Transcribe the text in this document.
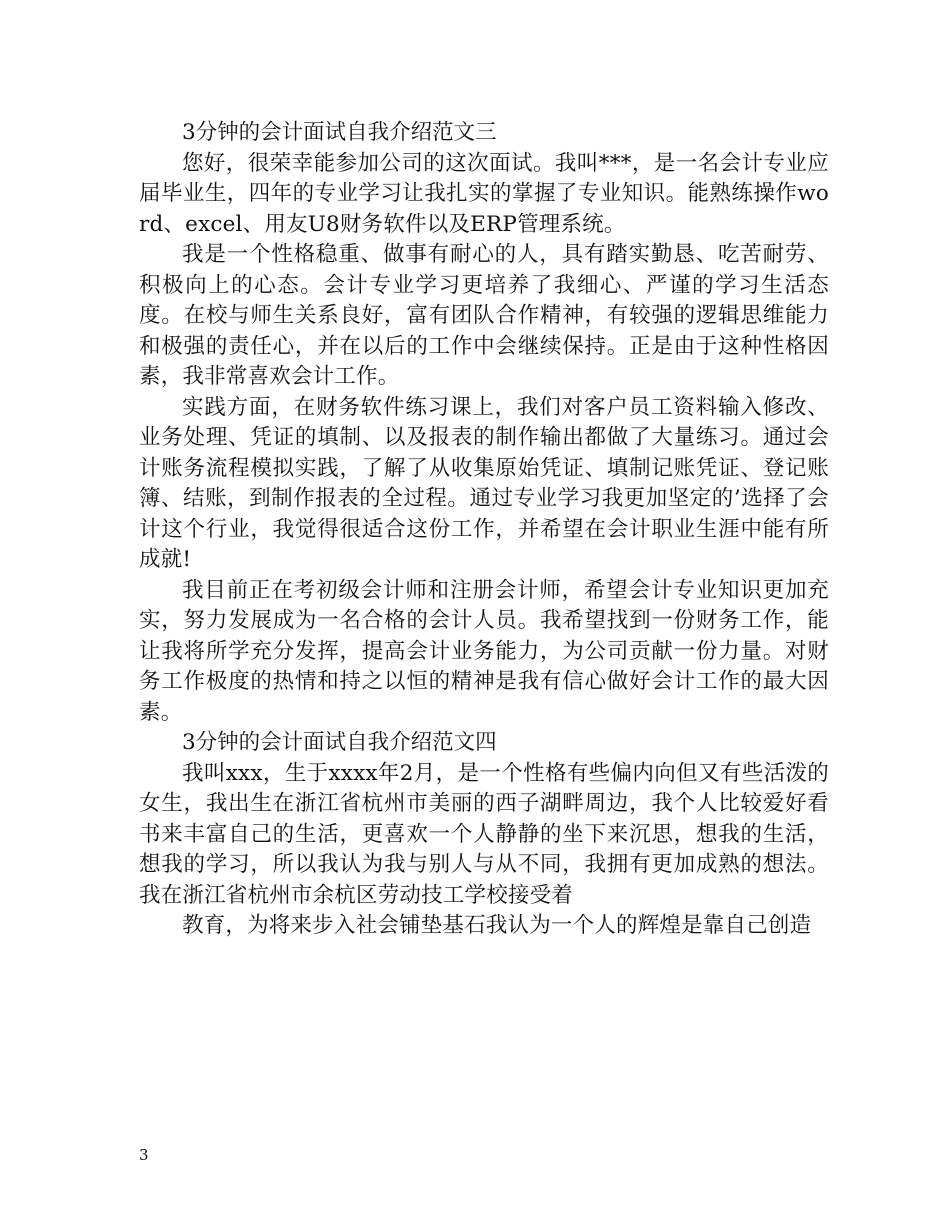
3分钟的会计面试自我介绍范文三

您好，很荣幸能参加公司的这次面试。我叫***，是一名会计专业应届毕业生，四年的专业学习让我扎实的掌握了专业知识。能熟练操作word、excel、用友U8财务软件以及ERP管理系统。

我是一个性格稳重、做事有耐心的人，具有踏实勤恳、吃苦耐劳、积极向上的心态。会计专业学习更培养了我细心、严谨的学习生活态度。在校与师生关系良好，富有团队合作精神，有较强的逻辑思维能力和极强的责任心，并在以后的工作中会继续保持。正是由于这种性格因素，我非常喜欢会计工作。

实践方面，在财务软件练习课上，我们对客户员工资料输入修改、业务处理、凭证的填制、以及报表的制作输出都做了大量练习。通过会计账务流程模拟实践，了解了从收集原始凭证、填制记账凭证、登记账簿、结账，到制作报表的全过程。通过专业学习我更加坚定的’选择了会计这个行业，我觉得很适合这份工作，并希望在会计职业生涯中能有所成就!

我目前正在考初级会计师和注册会计师，希望会计专业知识更加充实，努力发展成为一名合格的会计人员。我希望找到一份财务工作，能让我将所学充分发挥，提高会计业务能力，为公司贡献一份力量。对财务工作极度的热情和持之以恒的精神是我有信心做好会计工作的最大因素。

3分钟的会计面试自我介绍范文四

我叫xxx，生于xxxx年2月，是一个性格有些偏内向但又有些活泼的女生，我出生在浙江省杭州市美丽的西子湖畔周边，我个人比较爱好看书来丰富自己的生活，更喜欢一个人静静的坐下来沉思，想我的生活，想我的学习，所以我认为我与别人与从不同，我拥有更加成熟的想法。我在浙江省杭州市余杭区劳动技工学校接受着

教育，为将来步入社会铺垫基石我认为一个人的辉煌是靠自己创造

3
